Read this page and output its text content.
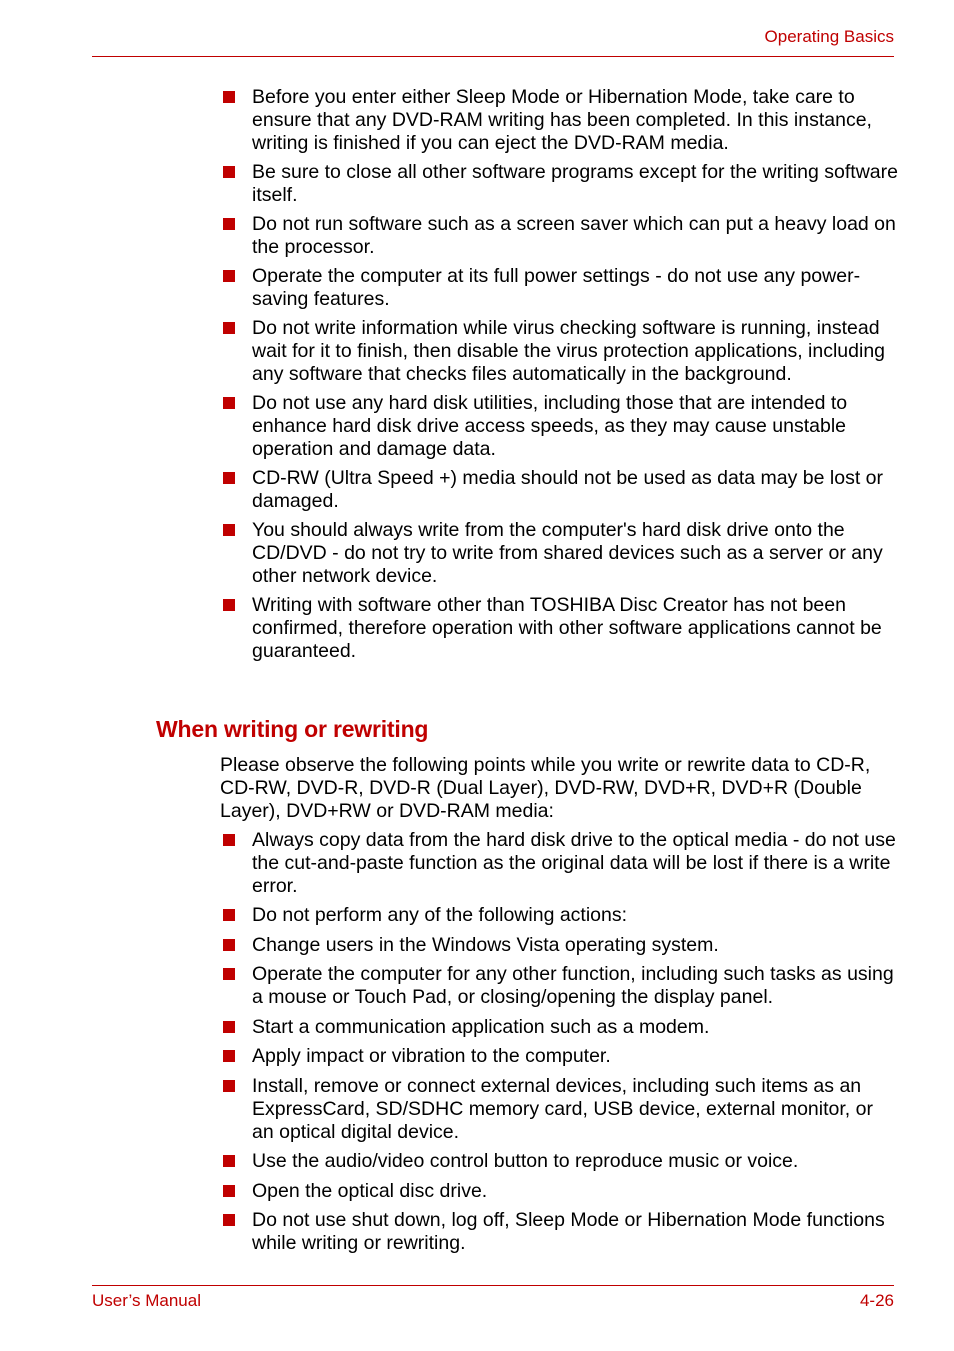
Operating Basics
Before you enter either Sleep Mode or Hibernation Mode, take care to ensure that any DVD-RAM writing has been completed. In this instance, writing is finished if you can eject the DVD-RAM media.
Be sure to close all other software programs except for the writing software itself.
Do not run software such as a screen saver which can put a heavy load on the processor.
Operate the computer at its full power settings - do not use any power-saving features.
Do not write information while virus checking software is running, instead wait for it to finish, then disable the virus protection applications, including any software that checks files automatically in the background.
Do not use any hard disk utilities, including those that are intended to enhance hard disk drive access speeds, as they may cause unstable operation and damage data.
CD-RW (Ultra Speed +) media should not be used as data may be lost or damaged.
You should always write from the computer's hard disk drive onto the CD/DVD - do not try to write from shared devices such as a server or any other network device.
Writing with software other than TOSHIBA Disc Creator has not been confirmed, therefore operation with other software applications cannot be guaranteed.
When writing or rewriting

Please observe the following points while you write or rewrite data to CD-R, CD-RW, DVD-R, DVD-R (Dual Layer), DVD-RW, DVD+R, DVD+R (Double Layer), DVD+RW or DVD-RAM media:

Always copy data from the hard disk drive to the optical media - do not use the cut-and-paste function as the original data will be lost if there is a write error.
Do not perform any of the following actions:
Change users in the Windows Vista operating system.
Operate the computer for any other function, including such tasks as using a mouse or Touch Pad, or closing/opening the display panel.
Start a communication application such as a modem.
Apply impact or vibration to the computer.
Install, remove or connect external devices, including such items as an ExpressCard, SD/SDHC memory card, USB device, external monitor, or an optical digital device.
Use the audio/video control button to reproduce music or voice.
Open the optical disc drive.
Do not use shut down, log off, Sleep Mode or Hibernation Mode functions while writing or rewriting.
User’s Manual	4-26
